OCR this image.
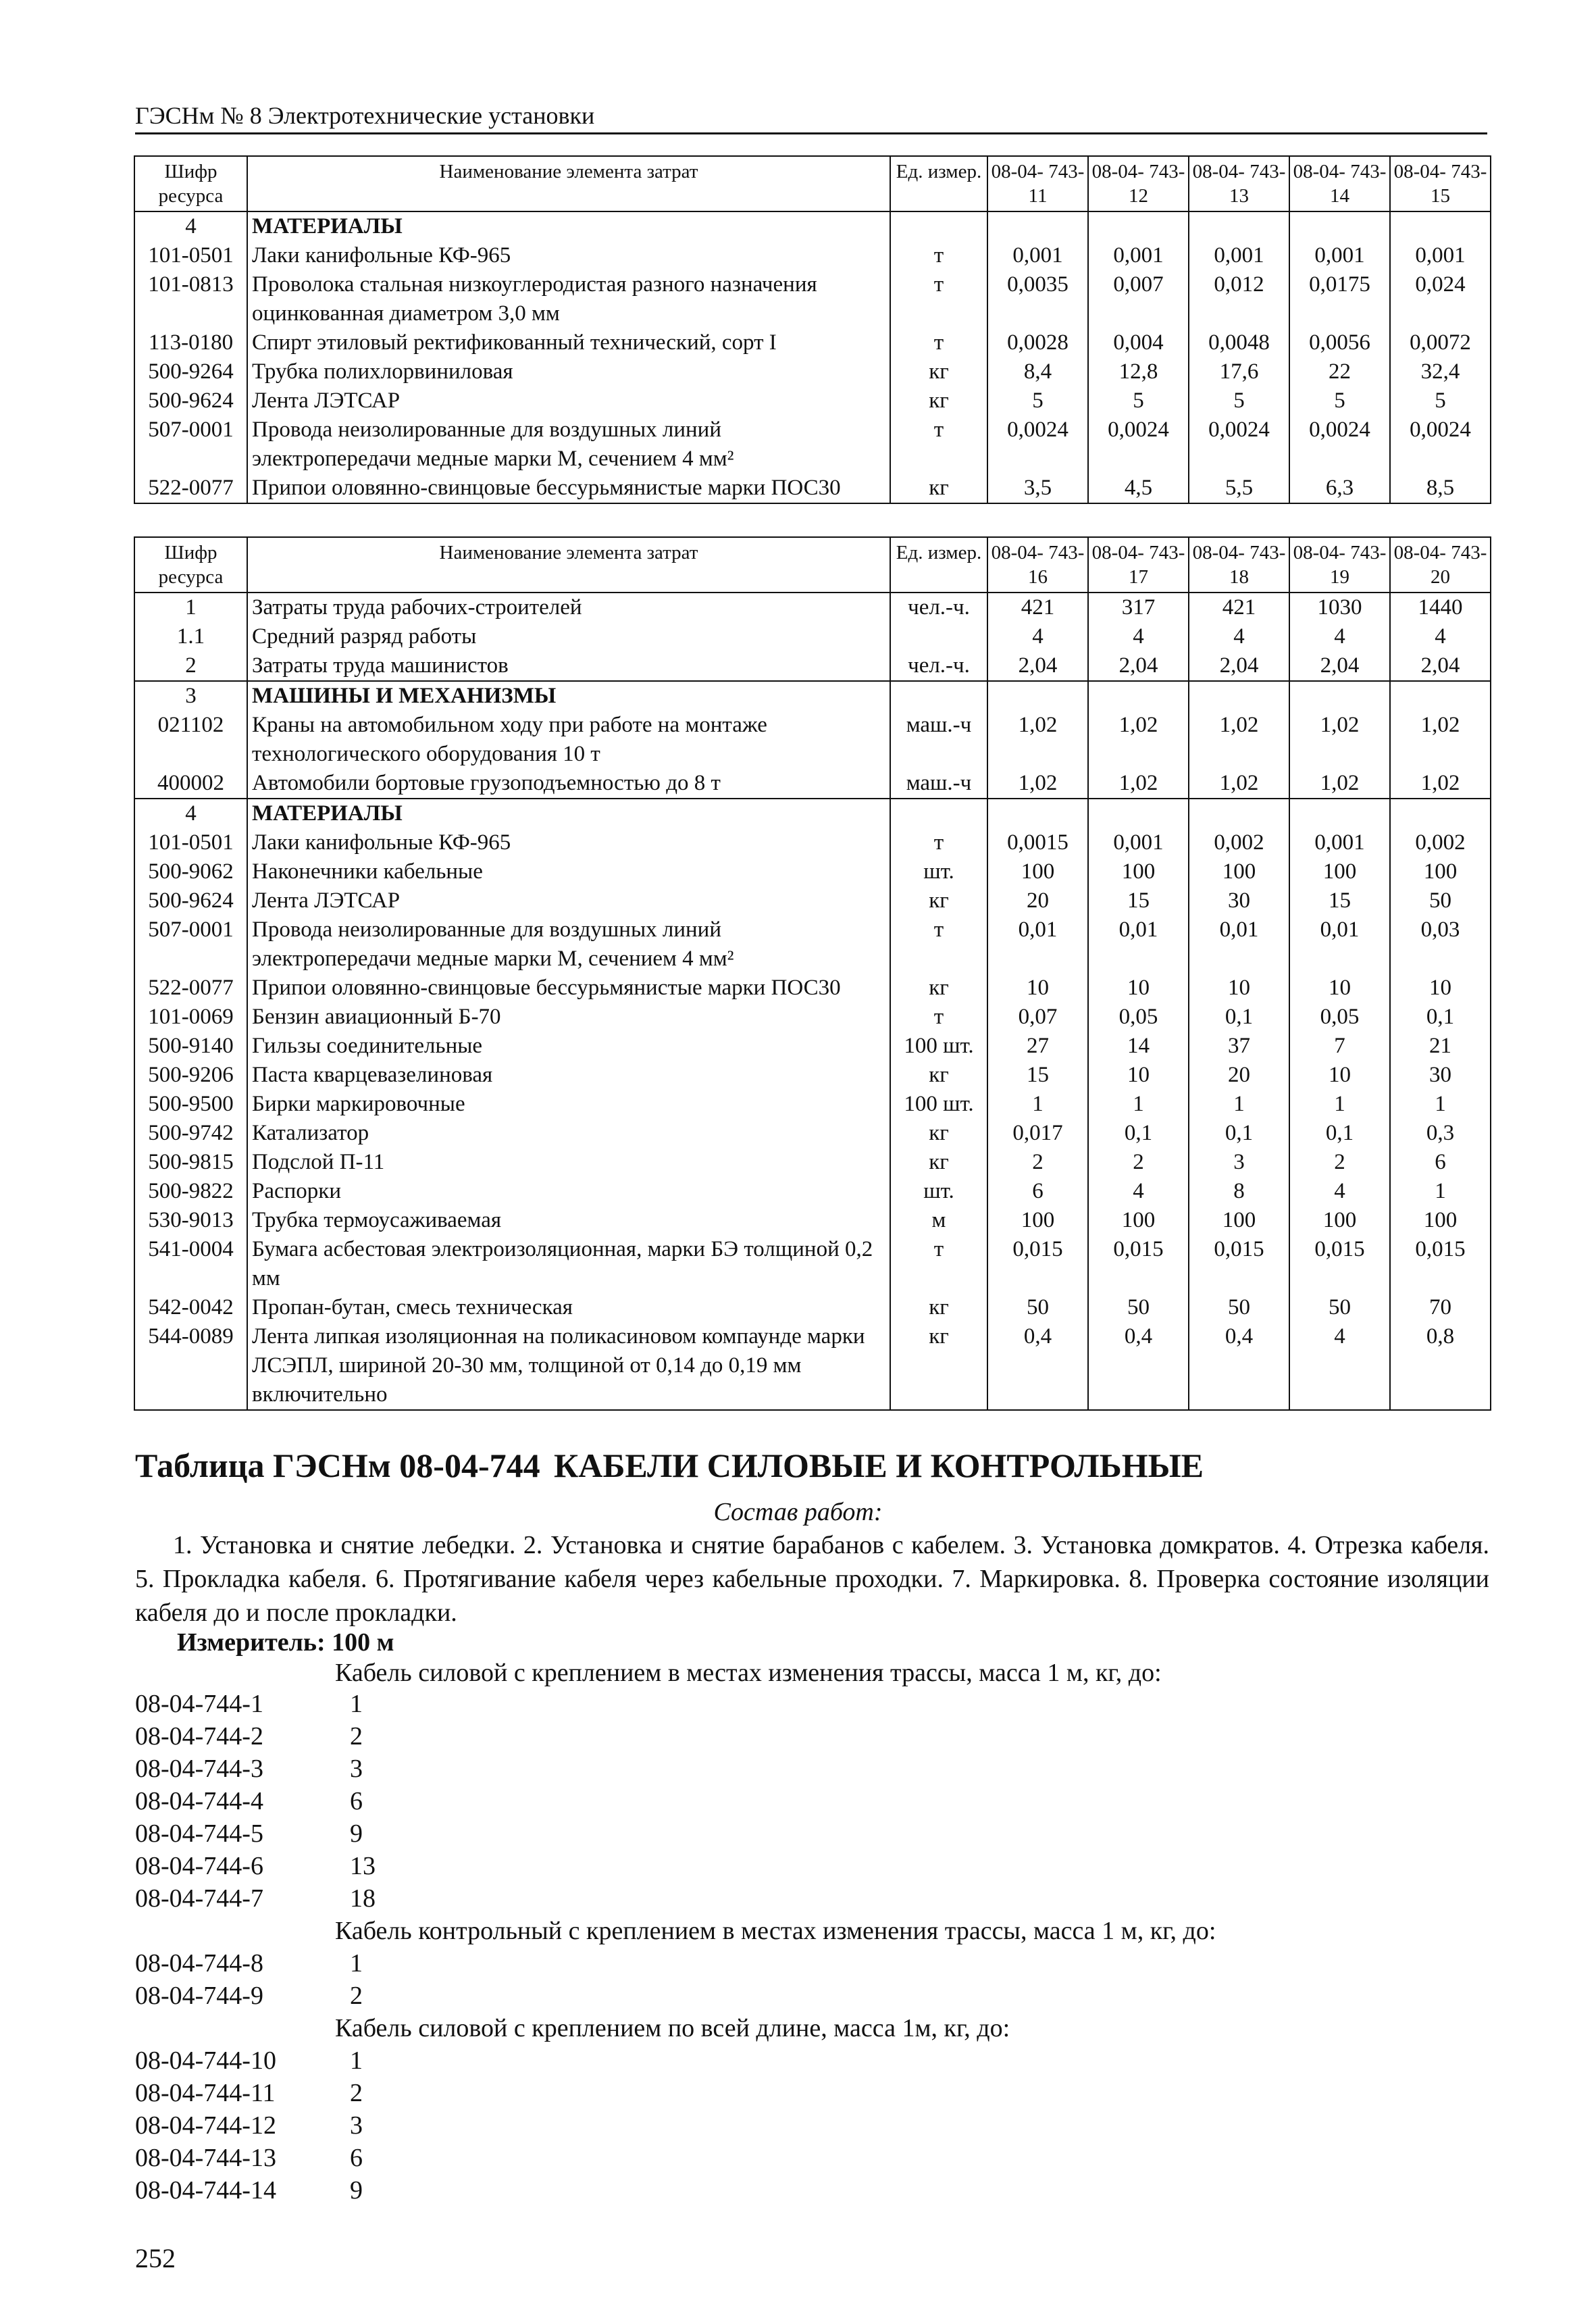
ГЭСНм № 8 Электротехнические установки
Шифр ресурса	Наименование элемента затрат	Ед. измер.	08-04- 743-11	08-04- 743-12	08-04- 743-13	08-04- 743-14	08-04- 743-15
4	МАТЕРИАЛЫ						
101-0501	Лаки канифольные КФ-965	т	0,001	0,001	0,001	0,001	0,001
101-0813	Проволока стальная низкоуглеродистая разного назначения оцинкованная диаметром 3,0 мм	т	0,0035	0,007	0,012	0,0175	0,024
113-0180	Спирт этиловый ректификованный технический, сорт I	т	0,0028	0,004	0,0048	0,0056	0,0072
500-9264	Трубка полихлорвиниловая	кг	8,4	12,8	17,6	22	32,4
500-9624	Лента ЛЭТСАР	кг	5	5	5	5	5
507-0001	Провода неизолированные для воздушных линий электропередачи медные марки М, сечением 4 мм²	т	0,0024	0,0024	0,0024	0,0024	0,0024
522-0077	Припои оловянно-свинцовые бессурьмянистые марки ПОС30	кг	3,5	4,5	5,5	6,3	8,5
Шифр ресурса	Наименование элемента затрат	Ед. измер.	08-04- 743-16	08-04- 743-17	08-04- 743-18	08-04- 743-19	08-04- 743-20
1	Затраты труда рабочих-строителей	чел.-ч.	421	317	421	1030	1440
1.1	Средний разряд работы		4	4	4	4	4
2	Затраты труда машинистов	чел.-ч.	2,04	2,04	2,04	2,04	2,04
3	МАШИНЫ И МЕХАНИЗМЫ						
021102	Краны на автомобильном ходу при работе на монтаже технологического оборудования 10 т	маш.-ч	1,02	1,02	1,02	1,02	1,02
400002	Автомобили бортовые грузоподъемностью до 8 т	маш.-ч	1,02	1,02	1,02	1,02	1,02
4	МАТЕРИАЛЫ						
101-0501	Лаки канифольные КФ-965	т	0,0015	0,001	0,002	0,001	0,002
500-9062	Наконечники кабельные	шт.	100	100	100	100	100
500-9624	Лента ЛЭТСАР	кг	20	15	30	15	50
507-0001	Провода неизолированные для воздушных линий электропередачи медные марки М, сечением 4 мм²	т	0,01	0,01	0,01	0,01	0,03
522-0077	Припои оловянно-свинцовые бессурьмянистые марки ПОС30	кг	10	10	10	10	10
101-0069	Бензин авиационный Б-70	т	0,07	0,05	0,1	0,05	0,1
500-9140	Гильзы соединительные	100 шт.	27	14	37	7	21
500-9206	Паста кварцевазелиновая	кг	15	10	20	10	30
500-9500	Бирки маркировочные	100 шт.	1	1	1	1	1
500-9742	Катализатор	кг	0,017	0,1	0,1	0,1	0,3
500-9815	Подслой П-11	кг	2	2	3	2	6
500-9822	Распорки	шт.	6	4	8	4	1
530-9013	Трубка термоусаживаемая	м	100	100	100	100	100
541-0004	Бумага асбестовая электроизоляционная, марки БЭ толщиной 0,2 мм	т	0,015	0,015	0,015	0,015	0,015
542-0042	Пропан-бутан, смесь техническая	кг	50	50	50	50	70
544-0089	Лента липкая изоляционная на поликасиновом компаунде марки ЛСЭПЛ, шириной 20-30 мм, толщиной от 0,14 до 0,19 мм включительно	кг	0,4	0,4	0,4	4	0,8
Таблица ГЭСНм 08-04-744 КАБЕЛИ СИЛОВЫЕ И КОНТРОЛЬНЫЕ
Состав работ:
1. Установка и снятие лебедки. 2. Установка и снятие барабанов с кабелем. 3. Установка домкратов. 4. Отрезка кабеля. 5. Прокладка кабеля. 6. Протягивание кабеля через кабельные проходки. 7. Маркировка. 8. Проверка состояние изоляции кабеля до и после прокладки.
Измеритель: 100 м
Кабель силовой с креплением в местах изменения трассы, масса 1 м, кг, до:
08-04-744-1	1
08-04-744-2	2
08-04-744-3	3
08-04-744-4	6
08-04-744-5	9
08-04-744-6	13
08-04-744-7	18
Кабель контрольный с креплением в местах изменения трассы, масса 1 м, кг, до:
08-04-744-8	1
08-04-744-9	2
Кабель силовой с креплением по всей длине, масса 1м, кг, до:
08-04-744-10	1
08-04-744-11	2
08-04-744-12	3
08-04-744-13	6
08-04-744-14	9
252
